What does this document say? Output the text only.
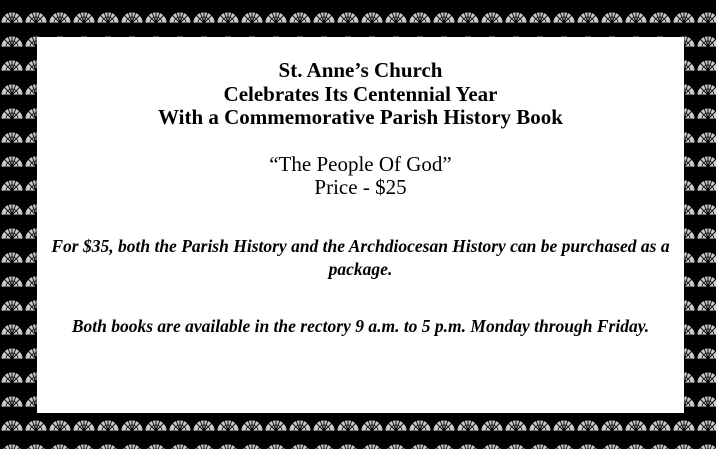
St. Anne’s Church
Celebrates Its Centennial Year
With a Commemorative Parish History Book
“The People Of God”
Price - $25
For $35, both the Parish History and the Archdiocesan History can be purchased as a package.
Both books are available in the rectory 9 a.m. to 5 p.m. Monday through Friday.
